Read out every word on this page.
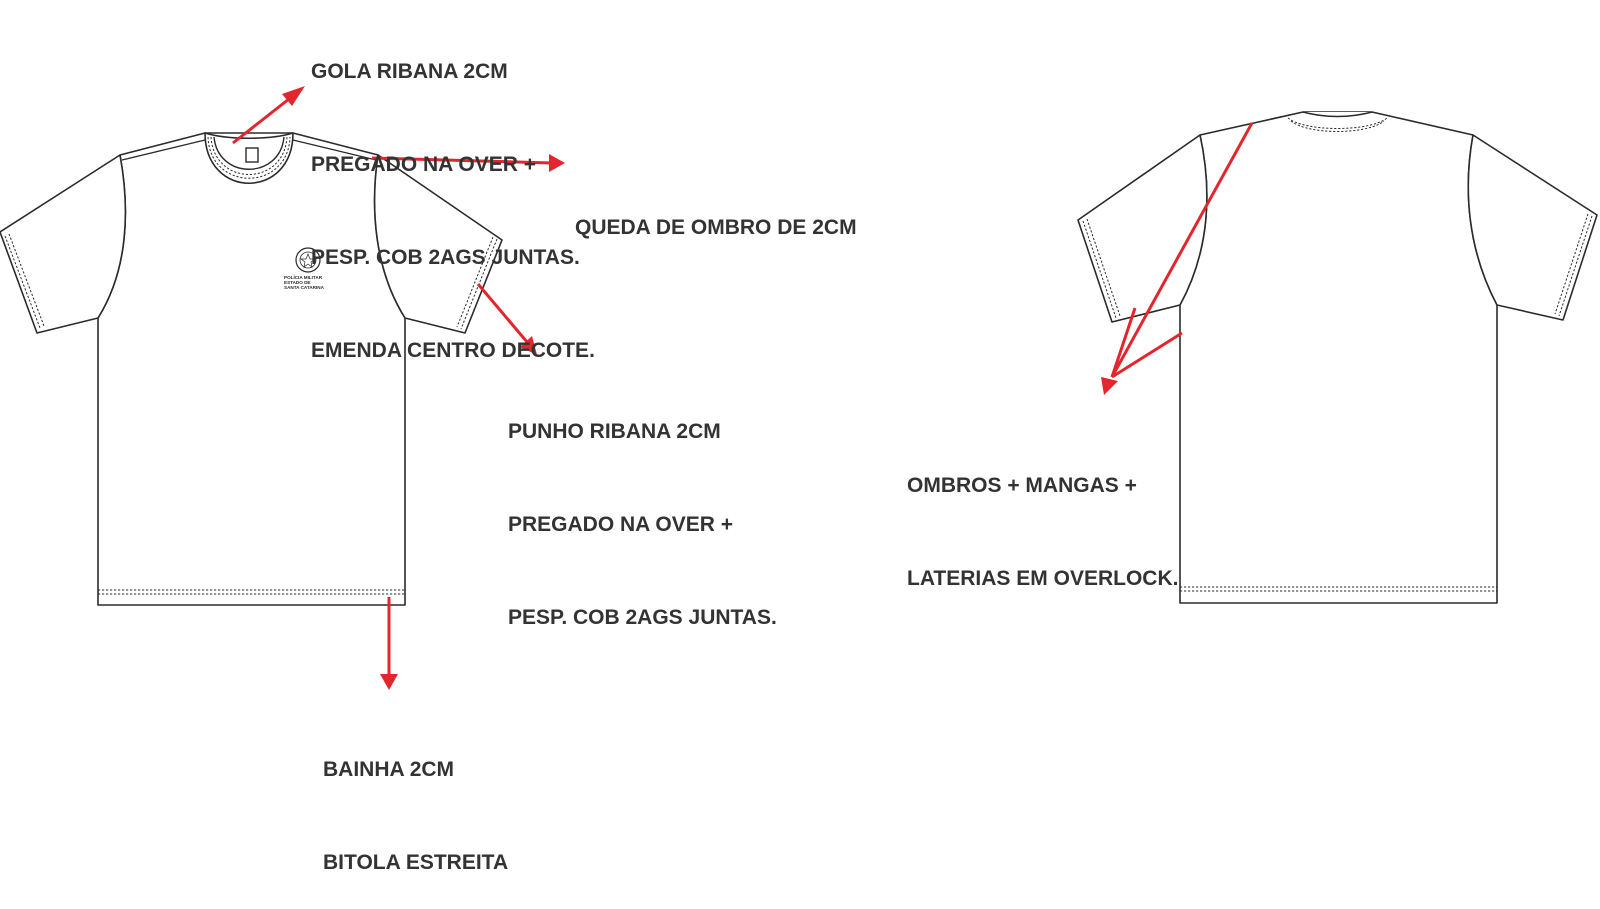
POLÍCIA MILITAR
ESTADO DE
SANTA CATARINA

GOLA RIBANA 2CM

PREGADO NA OVER +

PESP. COB 2AGS JUNTAS.

EMENDA CENTRO DECOTE.

QUEDA DE OMBRO DE 2CM

PUNHO RIBANA 2CM

PREGADO NA OVER +

PESP. COB 2AGS JUNTAS.

BAINHA 2CM

BITOLA ESTREITA

OMBROS + MANGAS +

LATERIAS EM OVERLOCK.
